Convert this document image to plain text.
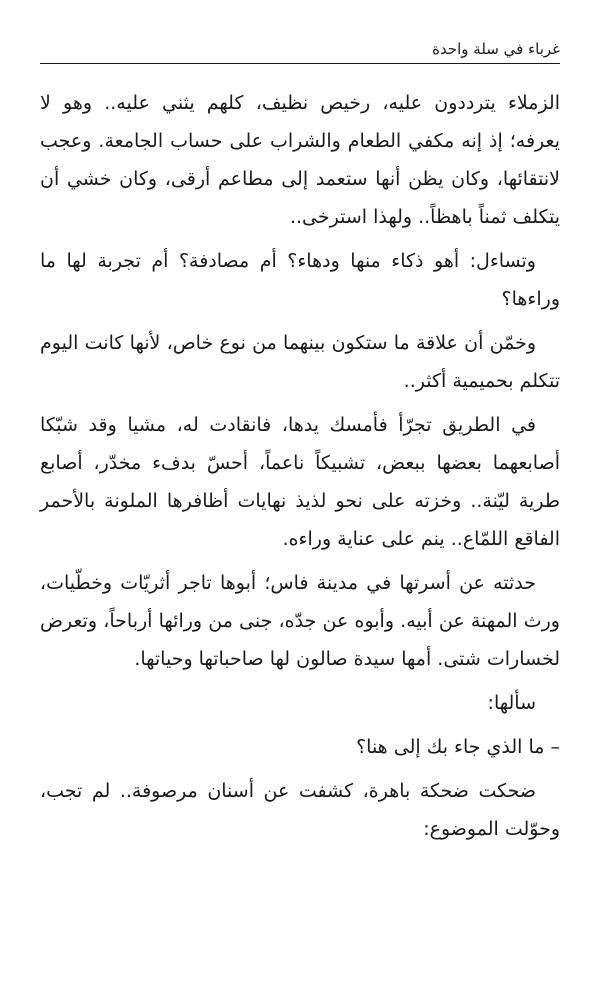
غرباء في سلة واحدة

الزملاء يترددون عليه، رخيص نظيف، كلهم يثني عليه.. وهو لا يعرفه؛ إذ إنه مكفي الطعام والشراب على حساب الجامعة. وعجب لانتقائها، وكان يظن أنها ستعمد إلى مطاعم أرقى، وكان خشي أن يتكلف ثمناً باهظاً.. ولهذا استرخى..

وتساءل: أهو ذكاء منها ودهاء؟ أم مصادفة؟ أم تجربة لها ما وراءها؟

وخمّن أن علاقة ما ستكون بينهما من نوع خاص، لأنها كانت اليوم تتكلم بحميمية أكثر..

في الطريق تجرّأ فأمسك يدها، فانقادت له، مشيا وقد شبّكا أصابعهما بعضها ببعض، تشبيكاً ناعماً، أحسّ بدفء مخدّر، أصابع طرية ليّنة.. وخزته على نحو لذيذ نهايات أظافرها الملونة بالأحمر الفاقع اللمّاع.. ينم على عناية وراءه.

حدثته عن أسرتها في مدينة فاس؛ أبوها تاجر أثريّات وخطّيات، ورث المهنة عن أبيه. وأبوه عن جدّه، جنى من ورائها أرباحاً، وتعرض لخسارات شتى. أمها سيدة صالون لها صاحباتها وحياتها.

سألها:

– ما الذي جاء بك إلى هنا؟

ضحكت ضحكة باهرة، كشفت عن أسنان مرصوفة.. لم تجب، وحوّلت الموضوع:
